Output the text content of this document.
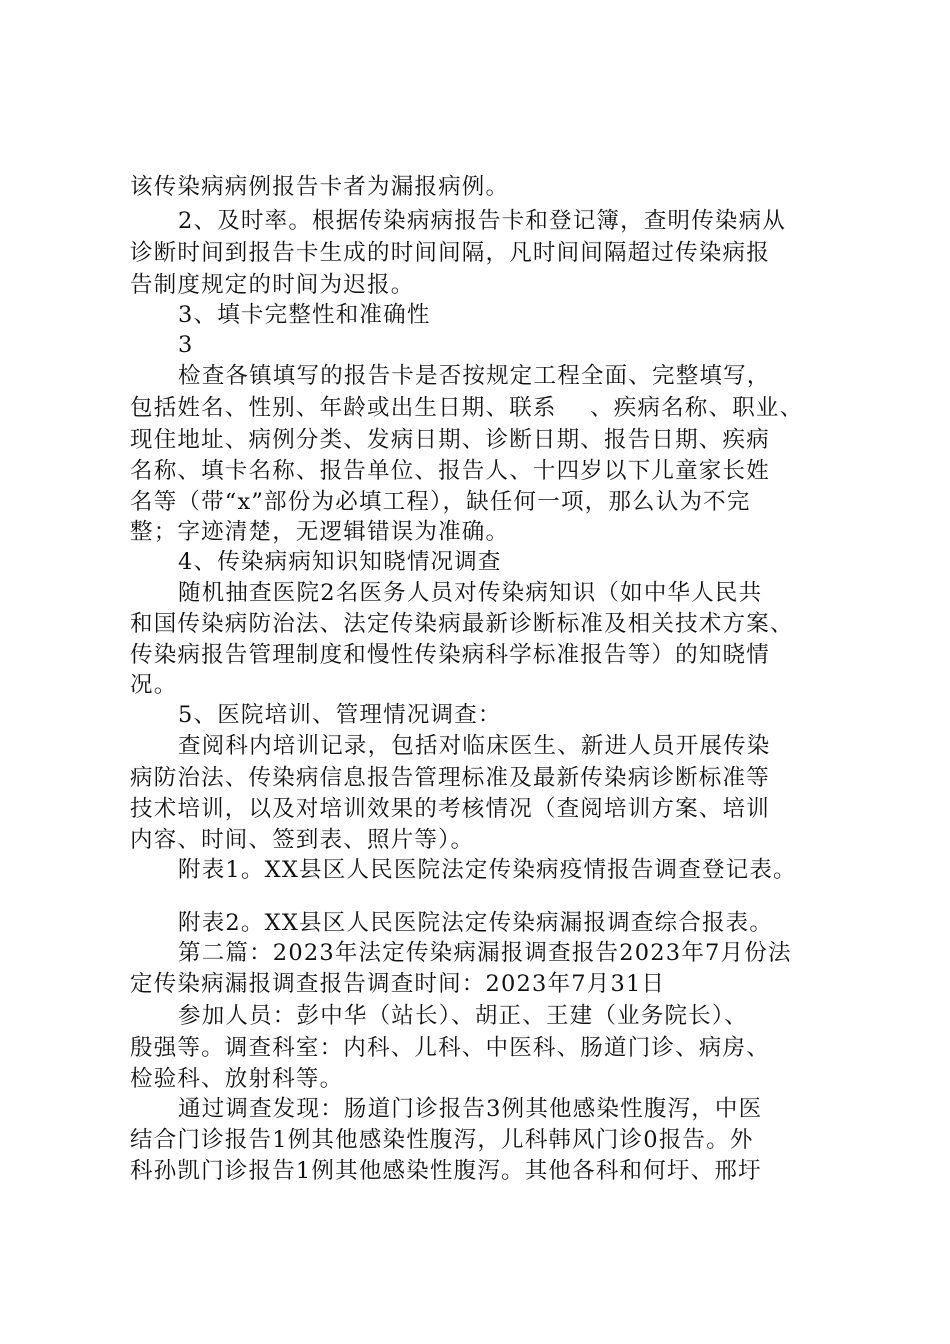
该传染病病例报告卡者为漏报病例。
2、及时率。根据传染病病报告卡和登记簿，查明传染病从
诊断时间到报告卡生成的时间间隔，凡时间间隔超过传染病报
告制度规定的时间为迟报。
3、填卡完整性和准确性
3
检查各镇填写的报告卡是否按规定工程全面、完整填写，
包括姓名、性别、年龄或出生日期、联系    、疾病名称、职业、
现住地址、病例分类、发病日期、诊断日期、报告日期、疾病
名称、填卡名称、报告单位、报告人、十四岁以下儿童家长姓
名等（带“x”部份为必填工程），缺任何一项，那么认为不完
整；字迹清楚，无逻辑错误为准确。
4、传染病病知识知晓情况调查
随机抽查医院2名医务人员对传染病知识（如中华人民共
和国传染病防治法、法定传染病最新诊断标准及相关技术方案、
传染病报告管理制度和慢性传染病科学标准报告等）的知晓情
况。
5、医院培训、管理情况调查：
查阅科内培训记录，包括对临床医生、新进人员开展传染
病防治法、传染病信息报告管理标准及最新传染病诊断标准等
技术培训，以及对培训效果的考核情况（查阅培训方案、培训
内容、时间、签到表、照片等）。
附表1。XX县区人民医院法定传染病疫情报告调查登记表。
附表2。XX县区人民医院法定传染病漏报调查综合报表。
第二篇：2023年法定传染病漏报调查报告2023年7月份法
定传染病漏报调查报告调查时间：2023年7月31日
参加人员：彭中华（站长）、胡正、王建（业务院长）、
殷强等。调查科室：内科、儿科、中医科、肠道门诊、病房、
检验科、放射科等。
通过调查发现：肠道门诊报告3例其他感染性腹泻，中医
结合门诊报告1例其他感染性腹泻，儿科韩风门诊0报告。外
科孙凯门诊报告1例其他感染性腹泻。其他各科和何圩、邢圩
